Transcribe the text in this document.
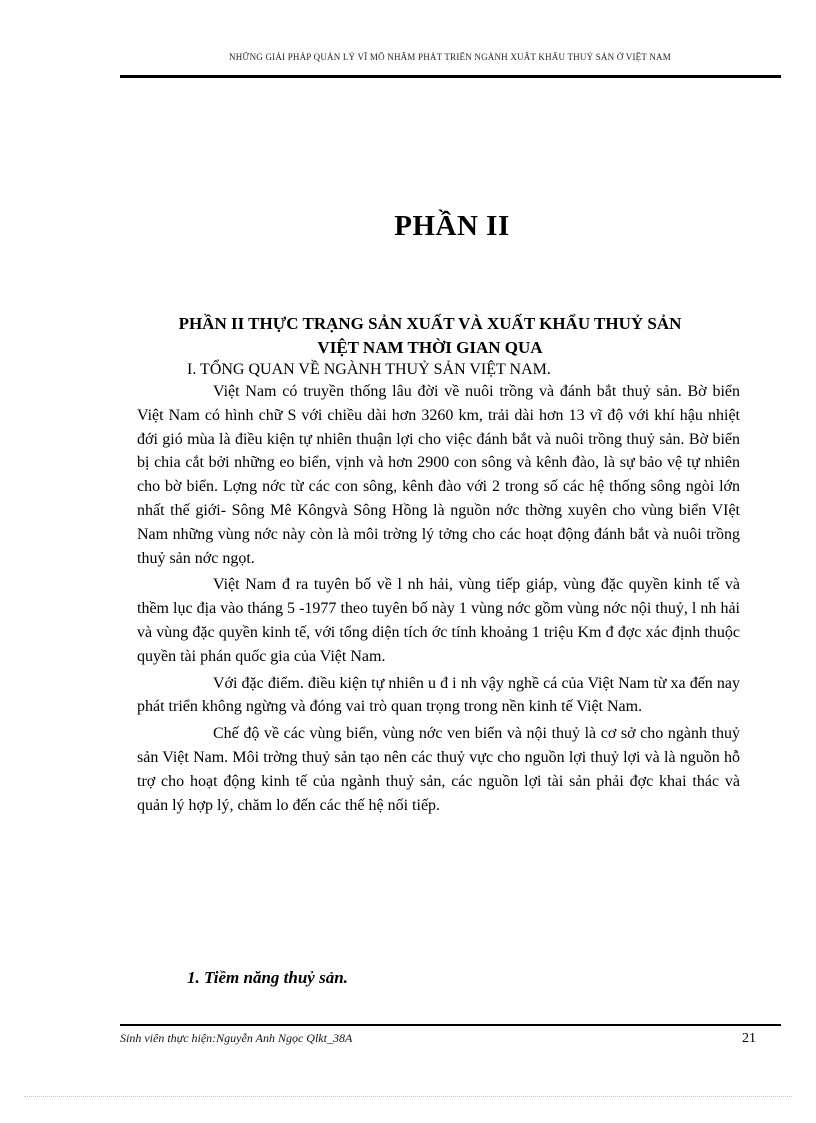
NHỮNG GIẢI PHÁP QUẢN LÝ VĨ MÔ NHẰM PHÁT TRIỂN NGÀNH XUẤT KHẨU THUỶ SẢN Ở VIỆT NAM
PHẦN II
PHẦN II THỰC TRẠNG SẢN XUẤT VÀ XUẤT KHẨU THUỶ SẢN
VIỆT NAM THỜI GIAN QUA
I. TỔNG QUAN VỀ NGÀNH THUỶ SẢN VIỆT NAM.

Việt Nam có truyền thống lâu đời về nuôi trồng và đánh bắt thuỷ sản. Bờ biển Việt Nam có hình chữ S với chiều dài hơn 3260 km, trải dài hơn 13 vĩ độ với khí hậu nhiệt đới gió mùa là điều kiện tự nhiên thuận lợi cho việc đánh bắt và nuôi trồng thuỷ sản. Bờ biển bị chia cắt bởi những eo biển, vịnh và hơn 2900 con sông và kênh đào, là sự bảo vệ tự nhiên cho bờ biển. Lợng nớc từ các con sông, kênh đào với 2 trong số các hệ thống sông ngòi lớn nhất thế giới- Sông Mê Kôngvà Sông Hồng là nguồn nớc thờng xuyên cho vùng biển VIệt Nam những vùng nớc này còn là môi trờng lý tởng cho các hoạt động đánh bắt và nuôi trồng thuỷ sản nớc ngọt.

Việt Nam đ ra tuyên bố về l nh hải, vùng tiếp giáp, vùng đặc quyền kinh tế và thềm lục địa vào tháng 5 -1977 theo tuyên bố này 1 vùng nớc gồm vùng nớc nội thuỷ, l nh hải và vùng đặc quyền kinh tế, với tổng diện tích ớc tính khoảng 1 triệu Km đ đợc xác định thuộc quyền tài phán quốc gia của Việt Nam.

Với đặc điểm. điều kiện tự nhiên u đ i nh vậy nghề cá của Việt Nam từ xa đến nay phát triển không ngừng và đóng vai trò quan trọng trong nền kinh tế Việt Nam.

Chế độ về các vùng biển, vùng nớc ven biển và nội thuỷ là cơ sở cho ngành thuỷ sản Việt Nam. Môi trờng thuỷ sản tạo nên các thuỷ vực cho nguồn lợi thuỷ lợi và là nguồn hỗ trợ cho hoạt động kinh tế của ngành thuỷ sản, các nguồn lợi tài sản phải đợc khai thác và quản lý hợp lý, chăm lo đến các thế hệ nối tiếp.

1. Tiềm năng thuỷ sản.
Sinh viên thực hiện:Nguyễn Anh Ngọc Qlkt_38A	21
